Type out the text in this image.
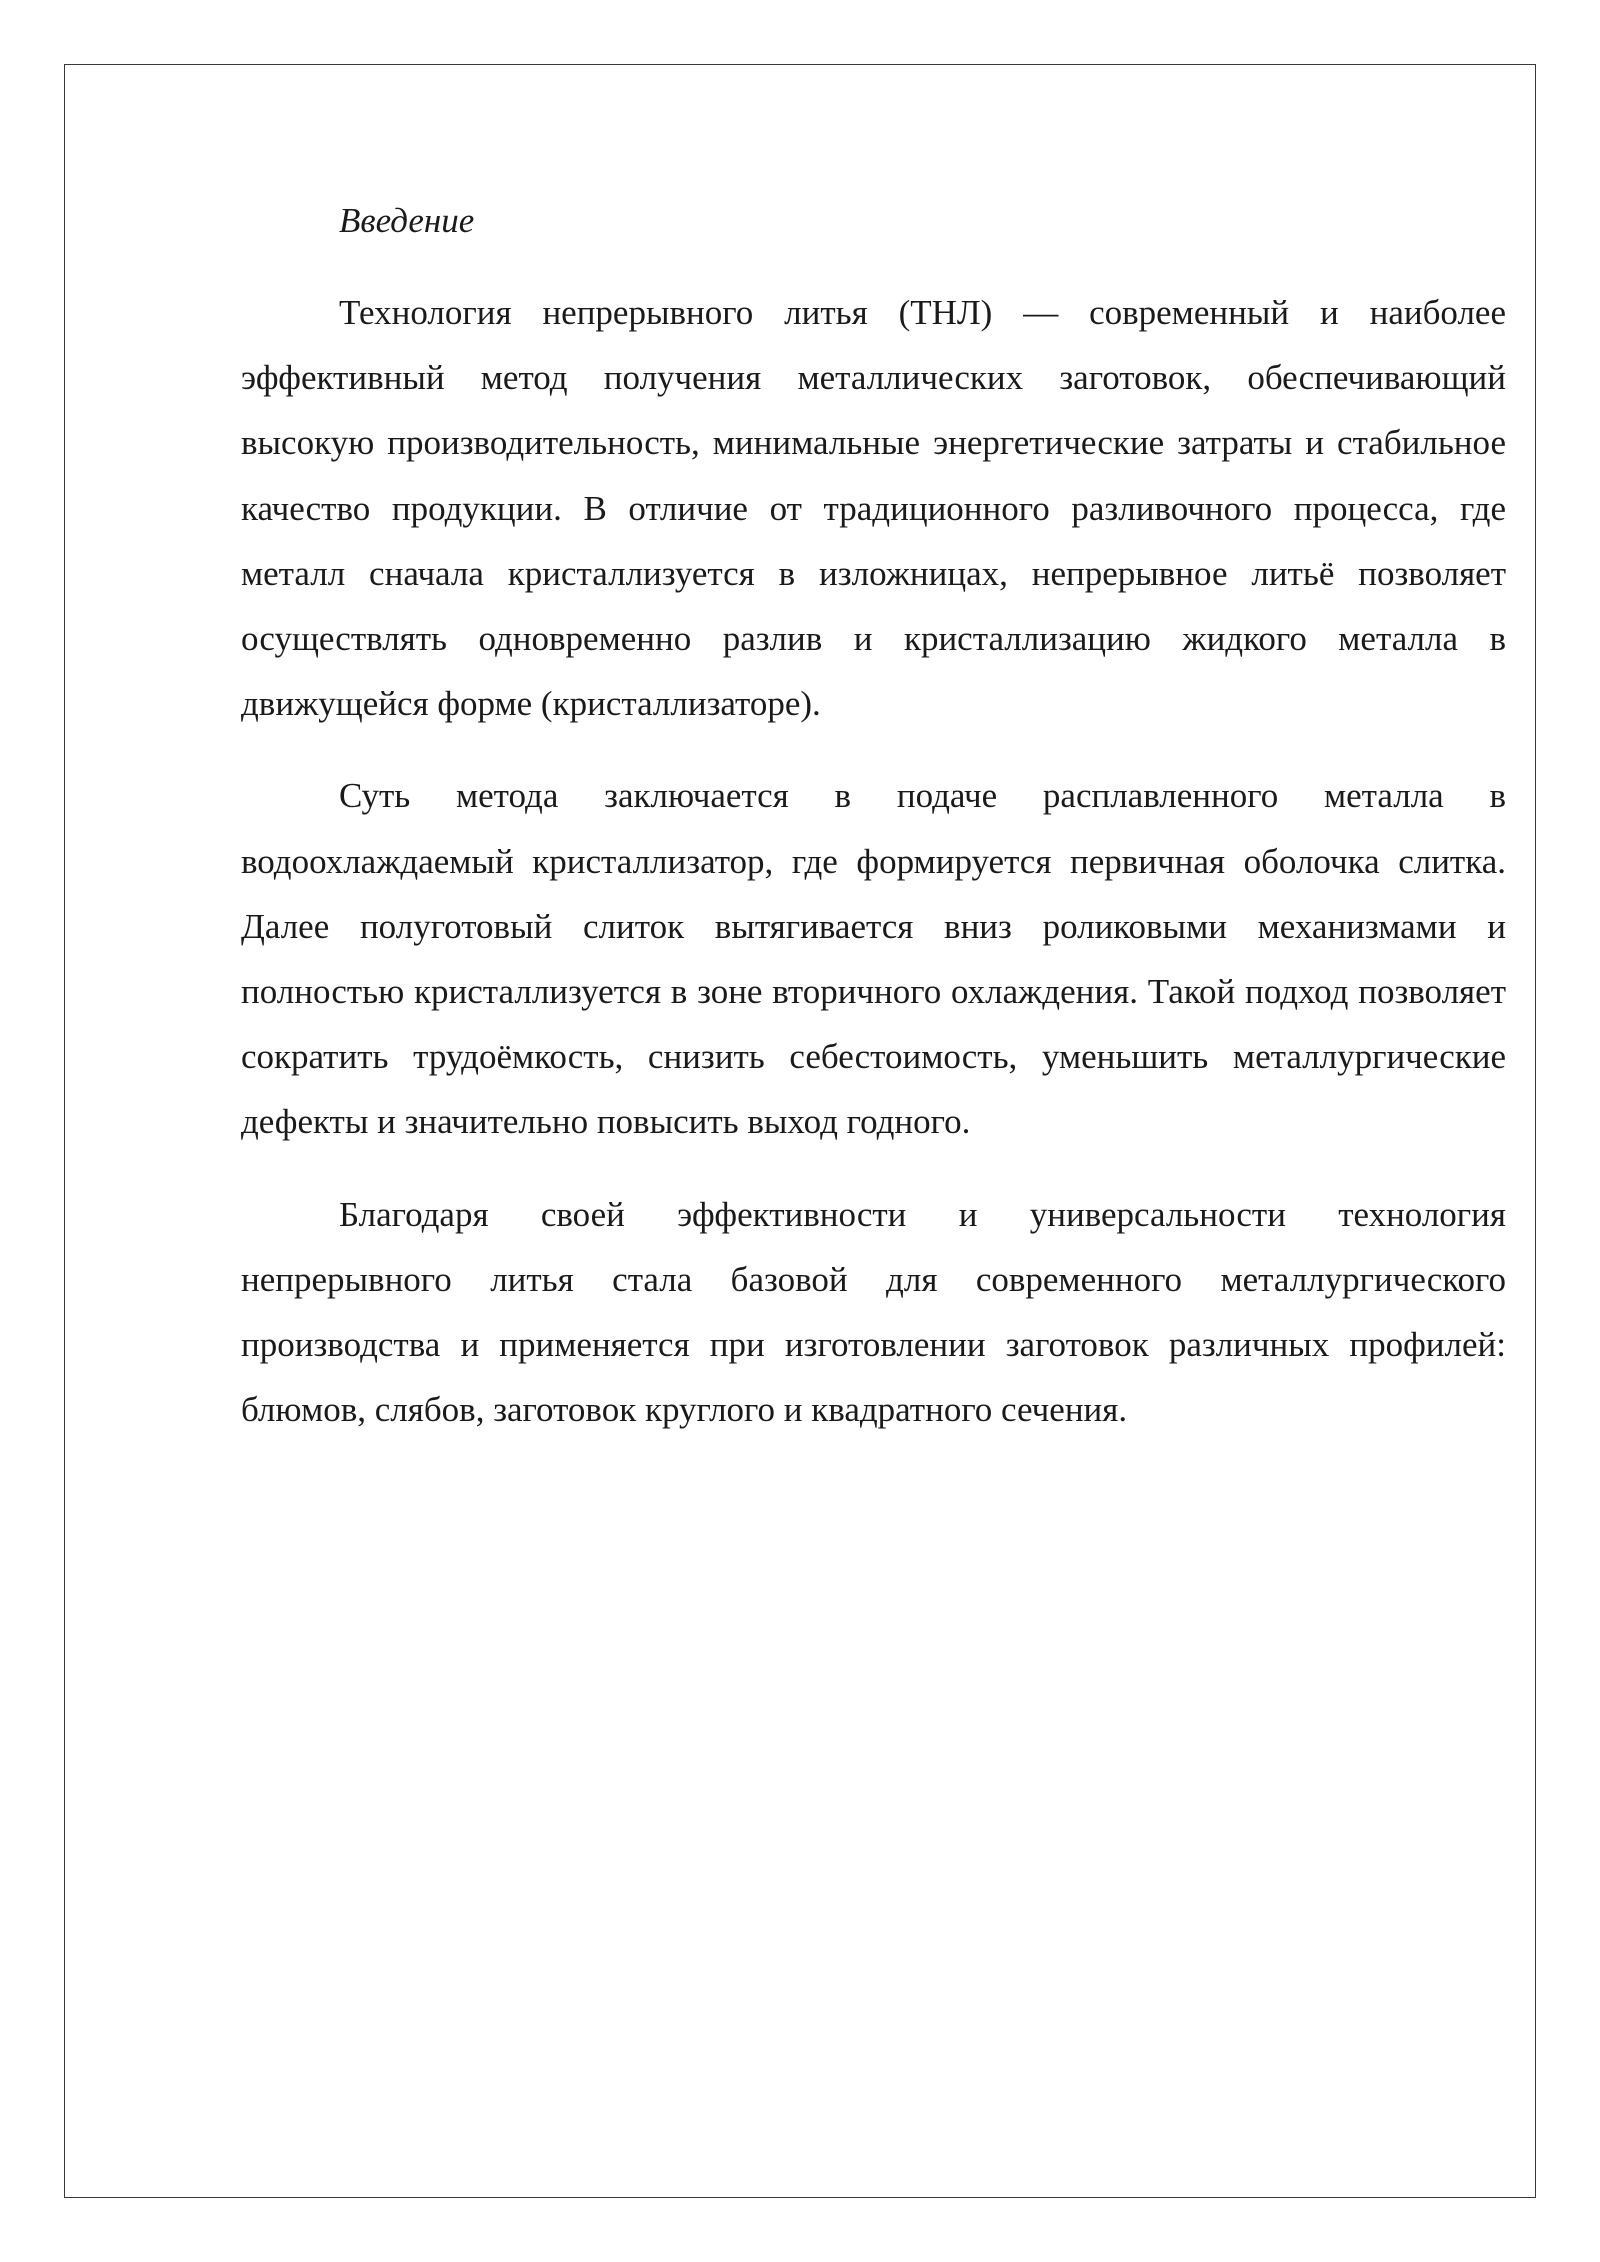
Введение

Технология непрерывного литья (ТНЛ) — современный и наиболее эффективный метод получения металлических заготовок, обеспечивающий высокую производительность, минимальные энергетические затраты и стабильное качество продукции. В отличие от традиционного разливочного процесса, где металл сначала кристаллизуется в изложницах, непрерывное литьё позволяет осуществлять одновременно разлив и кристаллизацию жидкого металла в движущейся форме (кристаллизаторе).

Суть метода заключается в подаче расплавленного металла в водоохлаждаемый кристаллизатор, где формируется первичная оболочка слитка. Далее полуготовый слиток вытягивается вниз роликовыми механизмами и полностью кристаллизуется в зоне вторичного охлаждения. Такой подход позволяет сократить трудоёмкость, снизить себестоимость, уменьшить металлургические дефекты и значительно повысить выход годного.

Благодаря своей эффективности и универсальности технология непрерывного литья стала базовой для современного металлургического производства и применяется при изготовлении заготовок различных профилей: блюмов, слябов, заготовок круглого и квадратного сечения.
